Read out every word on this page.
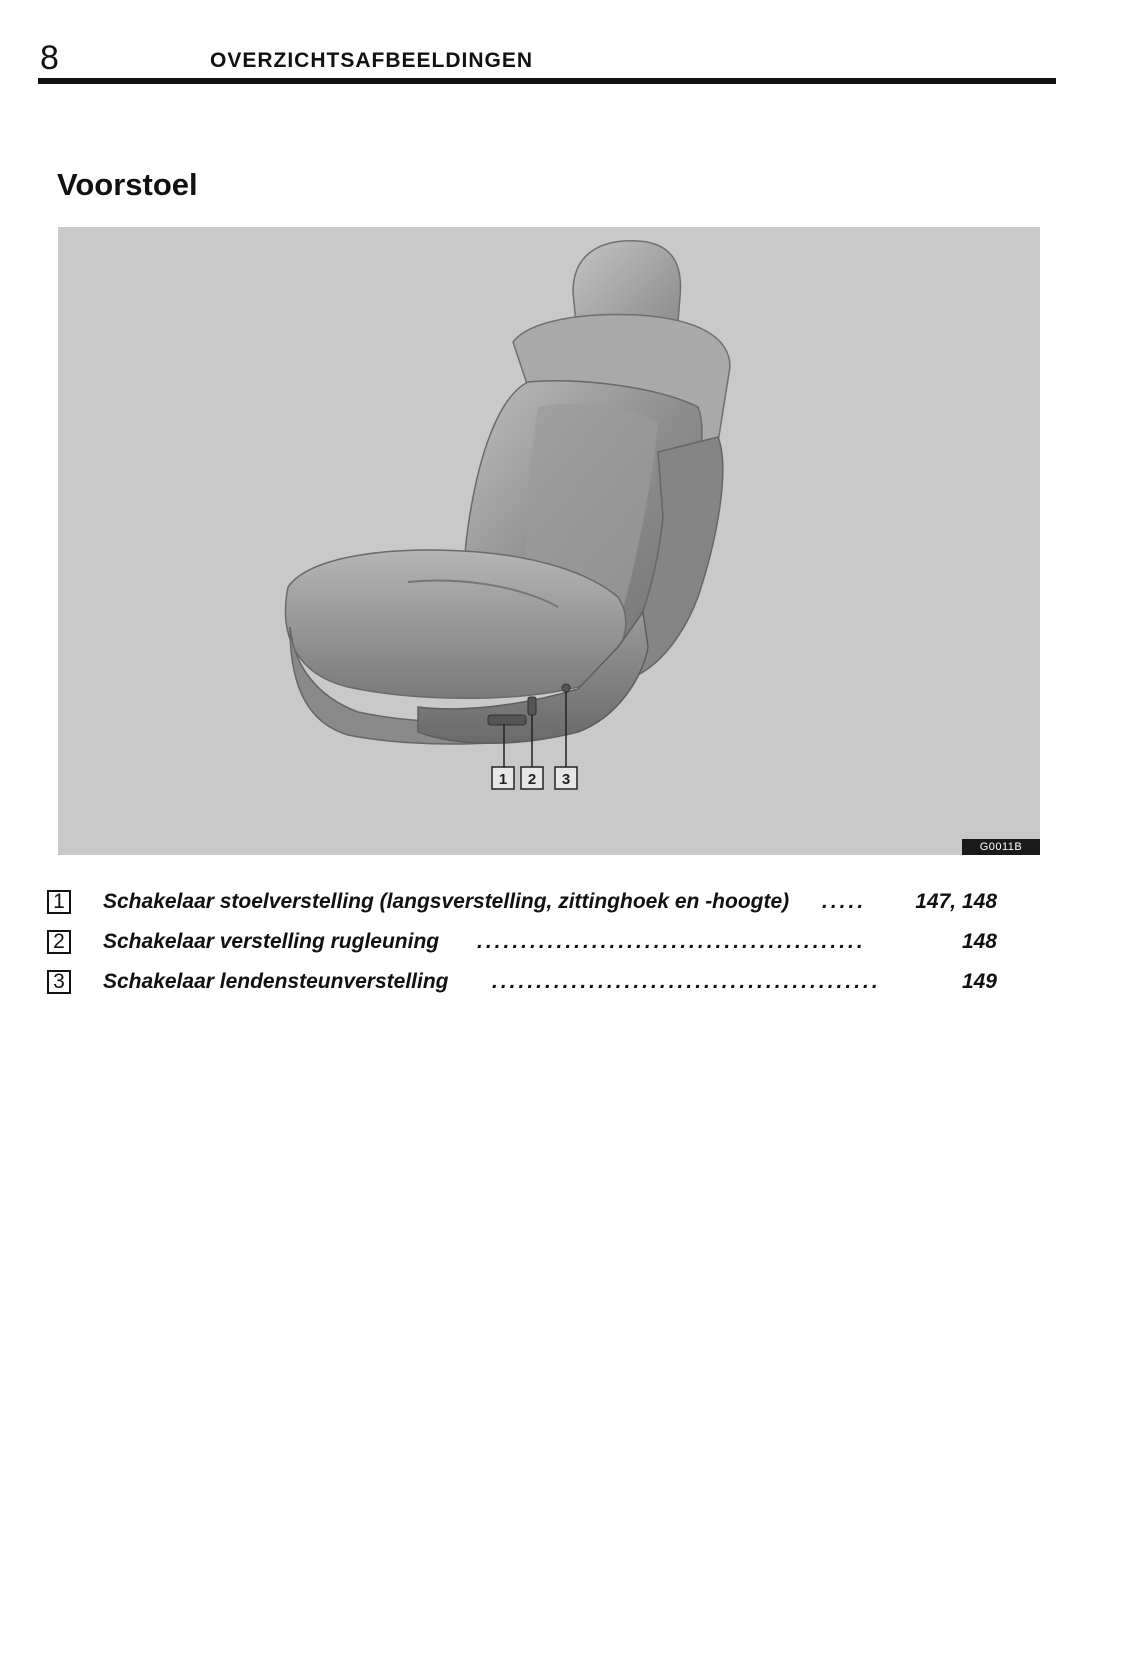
8	OVERZICHTSAFBEELDINGEN
Voorstoel
1 2 3
G0011B
1 Schakelaar stoelverstelling (langsverstelling, zittinghoek en -hoogte) ..... 147, 148
2 Schakelaar verstelling rugleuning ............................................	148
3 Schakelaar lendensteunverstelling ............................................	149
